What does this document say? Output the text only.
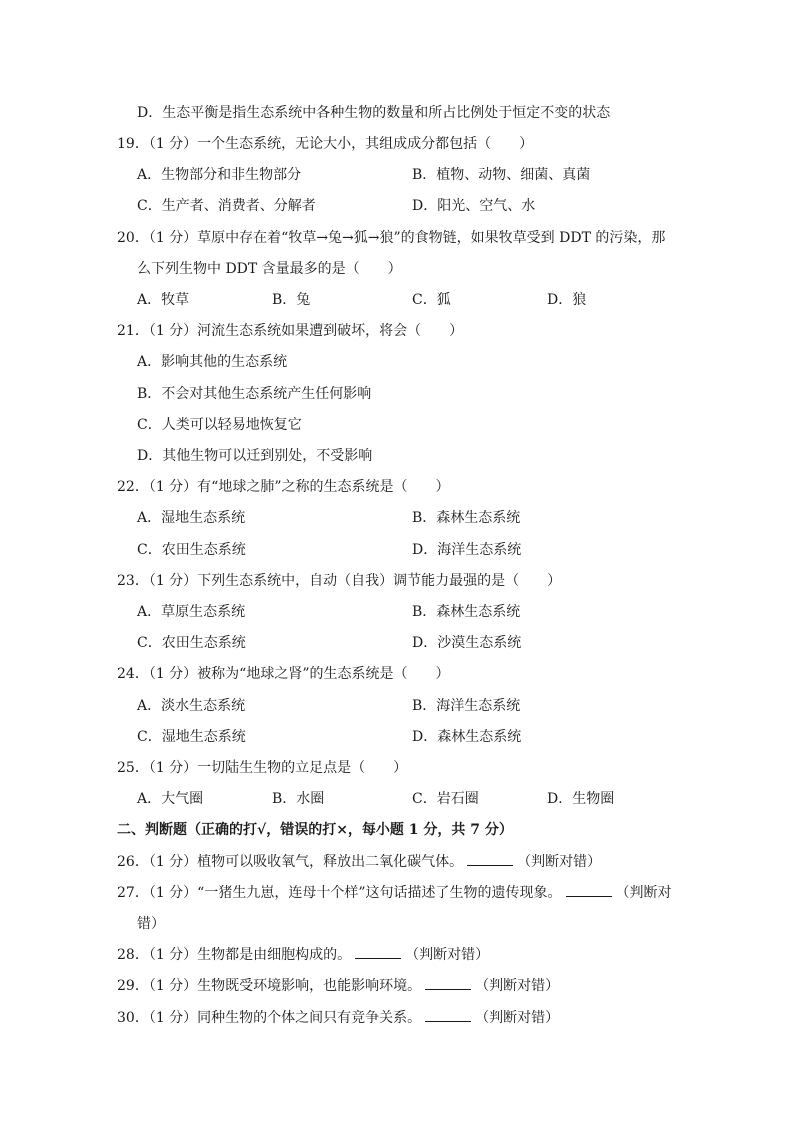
D．生态平衡是指生态系统中各种生物的数量和所占比例处于恒定不变的状态
19．（1 分）一个生态系统，无论大小，其组成成分都包括（　　）
A．生物部分和非生物部分	B．植物、动物、细菌、真菌
C．生产者、消费者、分解者	D．阳光、空气、水
20．（1 分）草原中存在着“牧草→兔→狐→狼”的食物链，如果牧草受到 DDT 的污染，那
么下列生物中 DDT 含量最多的是（　　）
A．牧草	B．兔	C．狐	D．狼
21．（1 分）河流生态系统如果遭到破坏，将会（　　）
A．影响其他的生态系统
B．不会对其他生态系统产生任何影响
C．人类可以轻易地恢复它
D．其他生物可以迁到别处，不受影响
22．（1 分）有“地球之肺”之称的生态系统是（　　）
A．湿地生态系统	B．森林生态系统
C．农田生态系统	D．海洋生态系统
23．（1 分）下列生态系统中，自动（自我）调节能力最强的是（　　）
A．草原生态系统	B．森林生态系统
C．农田生态系统	D．沙漠生态系统
24．（1 分）被称为“地球之肾”的生态系统是（　　）
A．淡水生态系统	B．海洋生态系统
C．湿地生态系统	D．森林生态系统
25．（1 分）一切陆生生物的立足点是（　　）
A．大气圈	B．水圈	C．岩石圈	D．生物圈
二、判断题（正确的打√，错误的打×，每小题 1 分，共 7 分）
26．（1 分）植物可以吸收氧气，释放出二氧化碳气体。	（判断对错）
27．（1 分）“一猪生九崽，连母十个样”这句话描述了生物的遗传现象。	（判断对
错）
28．（1 分）生物都是由细胞构成的。	（判断对错）
29．（1 分）生物既受环境影响，也能影响环境。	（判断对错）
30．（1 分）同种生物的个体之间只有竞争关系。	（判断对错）
